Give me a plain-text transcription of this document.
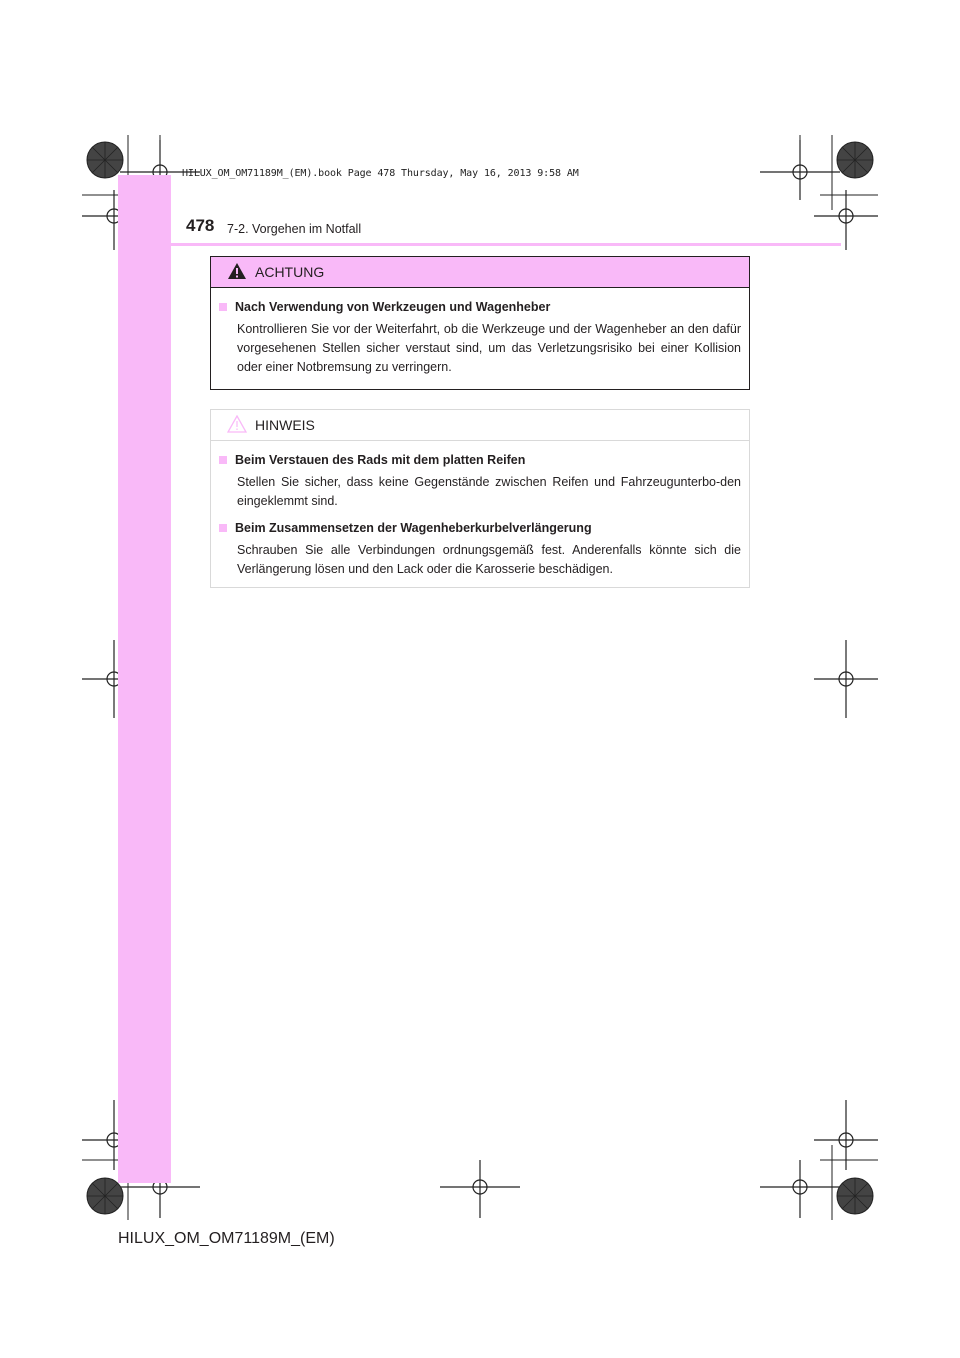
HILUX_OM_OM71189M_(EM).book Page 478 Thursday, May 16, 2013 9:58 AM
478 7-2. Vorgehen im Notfall
ACHTUNG

Nach Verwendung von Werkzeugen und Wagenheber

Kontrollieren Sie vor der Weiterfahrt, ob die Werkzeuge und der Wagenheber an den dafür vorgesehenen Stellen sicher verstaut sind, um das Verletzungsrisiko bei einer Kollision oder einer Notbremsung zu verringern.

HINWEIS

Beim Verstauen des Rads mit dem platten Reifen

Stellen Sie sicher, dass keine Gegenstände zwischen Reifen und Fahrzeugunterbo-den eingeklemmt sind.

Beim Zusammensetzen der Wagenheberkurbelverlängerung

Schrauben Sie alle Verbindungen ordnungsgemäß fest. Anderenfalls könnte sich die Verlängerung lösen und den Lack oder die Karosserie beschädigen.

HILUX_OM_OM71189M_(EM)
